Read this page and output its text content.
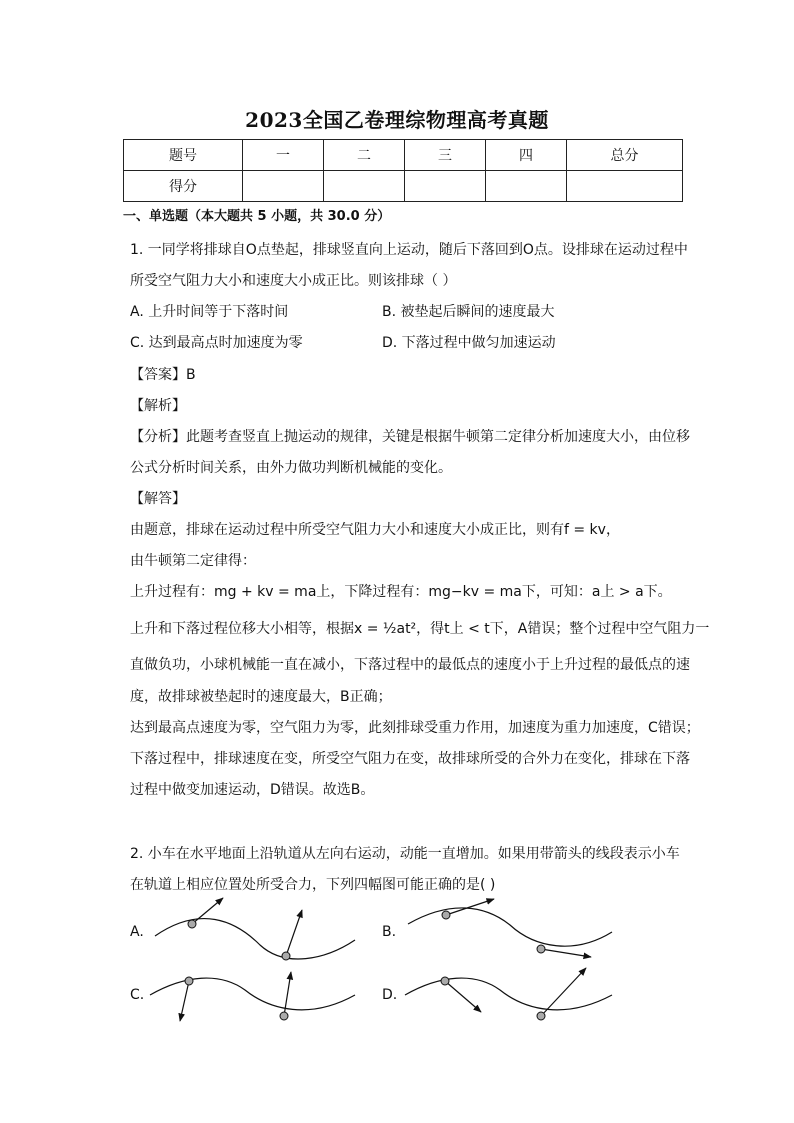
2023全国乙卷理综物理高考真题
题号	一	二	三	四	总分
得分					
一、单选题（本大题共 5 小题，共 30.0 分）
1. 一同学将排球自O点垫起，排球竖直向上运动，随后下落回到O点。设排球在运动过程中
所受空气阻力大小和速度大小成正比。则该排球（ ）
A. 上升时间等于下落时间	B. 被垫起后瞬间的速度最大
C. 达到最高点时加速度为零	D. 下落过程中做匀加速运动
【答案】B
【解析】
【分析】此题考查竖直上抛运动的规律，关键是根据牛顿第二定律分析加速度大小，由位移
公式分析时间关系，由外力做功判断机械能的变化。
【解答】
由题意，排球在运动过程中所受空气阻力大小和速度大小成正比，则有f = kv，
由牛顿第二定律得：
上升过程有：mg + kv = ma上，下降过程有：mg−kv = ma下，可知：a上 > a下。
上升和下落过程位移大小相等，根据x = ½at²，得t上 < t下，A错误；整个过程中空气阻力一
直做负功，小球机械能一直在减小，下落过程中的最低点的速度小于上升过程的最低点的速
度，故排球被垫起时的速度最大，B正确；
达到最高点速度为零，空气阻力为零，此刻排球受重力作用，加速度为重力加速度，C错误；
下落过程中，排球速度在变，所受空气阻力在变，故排球所受的合外力在变化，排球在下落
过程中做变加速运动，D错误。故选B。
2. 小车在水平地面上沿轨道从左向右运动，动能一直增加。如果用带箭头的线段表示小车
在轨道上相应位置处所受合力，下列四幅图可能正确的是( )
A.	B.
C.	D.
